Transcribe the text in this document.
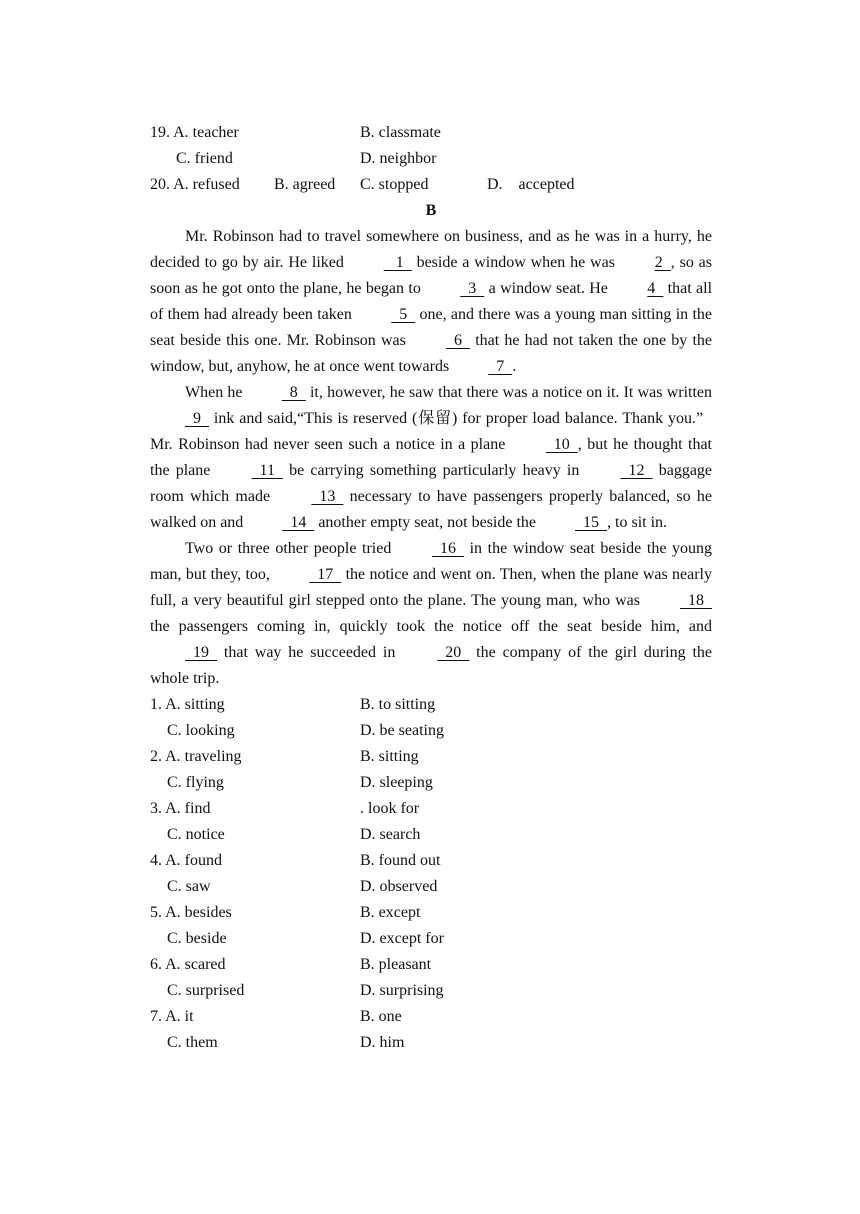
19. A. teacher	B. classmate
C. friend	D. neighbor
20. A. refused B. agreed C. stopped	D.    accepted
B

Mr. Robinson had to travel somewhere on business, and as he was in a hurry, he decided to go by air. He liked    1   beside a window when he was 2  , so as soon as he got onto the plane, he began to   3   a window seat. He 4   that all of them had already been taken   5   one, and there was a young man sitting in the seat beside this one. Mr. Robinson was	6   that he had not taken the one by the window, but, anyhow, he at once went towards   7  .

When he   8   it, however, he saw that there was a notice on it. It was written   9   ink and said,“This is reserved (保留) for proper load balance. Thank you.”   Mr. Robinson had never seen such a notice in a plane	10  , but he thought that the plane	11   be carrying something particularly heavy in	12   baggage room which made	13   necessary to have passengers properly balanced, so he walked on and   14   another empty seat, not beside the   15  , to sit in.

Two or three other people tried	16   in the window seat beside the young man, but they, too,   17   the notice and went on. Then, when the plane was nearly full, a very beautiful girl stepped onto the plane. The young man, who was	18   the passengers coming in, quickly took the notice off the seat beside him, and  19   that way he succeeded in	20   the company of the girl during the whole trip.

1. A. sitting	B. to sitting
C. looking	D. be seating
2. A. traveling	B. sitting
C. flying	D. sleeping
3. A. find	. look for
C. notice	D. search
4. A. found	B. found out
C. saw	D. observed
5. A. besides	B. except
C. beside	D. except for
6. A. scared	B. pleasant
C. surprised	D. surprising
7. A. it	B. one
C. them	D. him
